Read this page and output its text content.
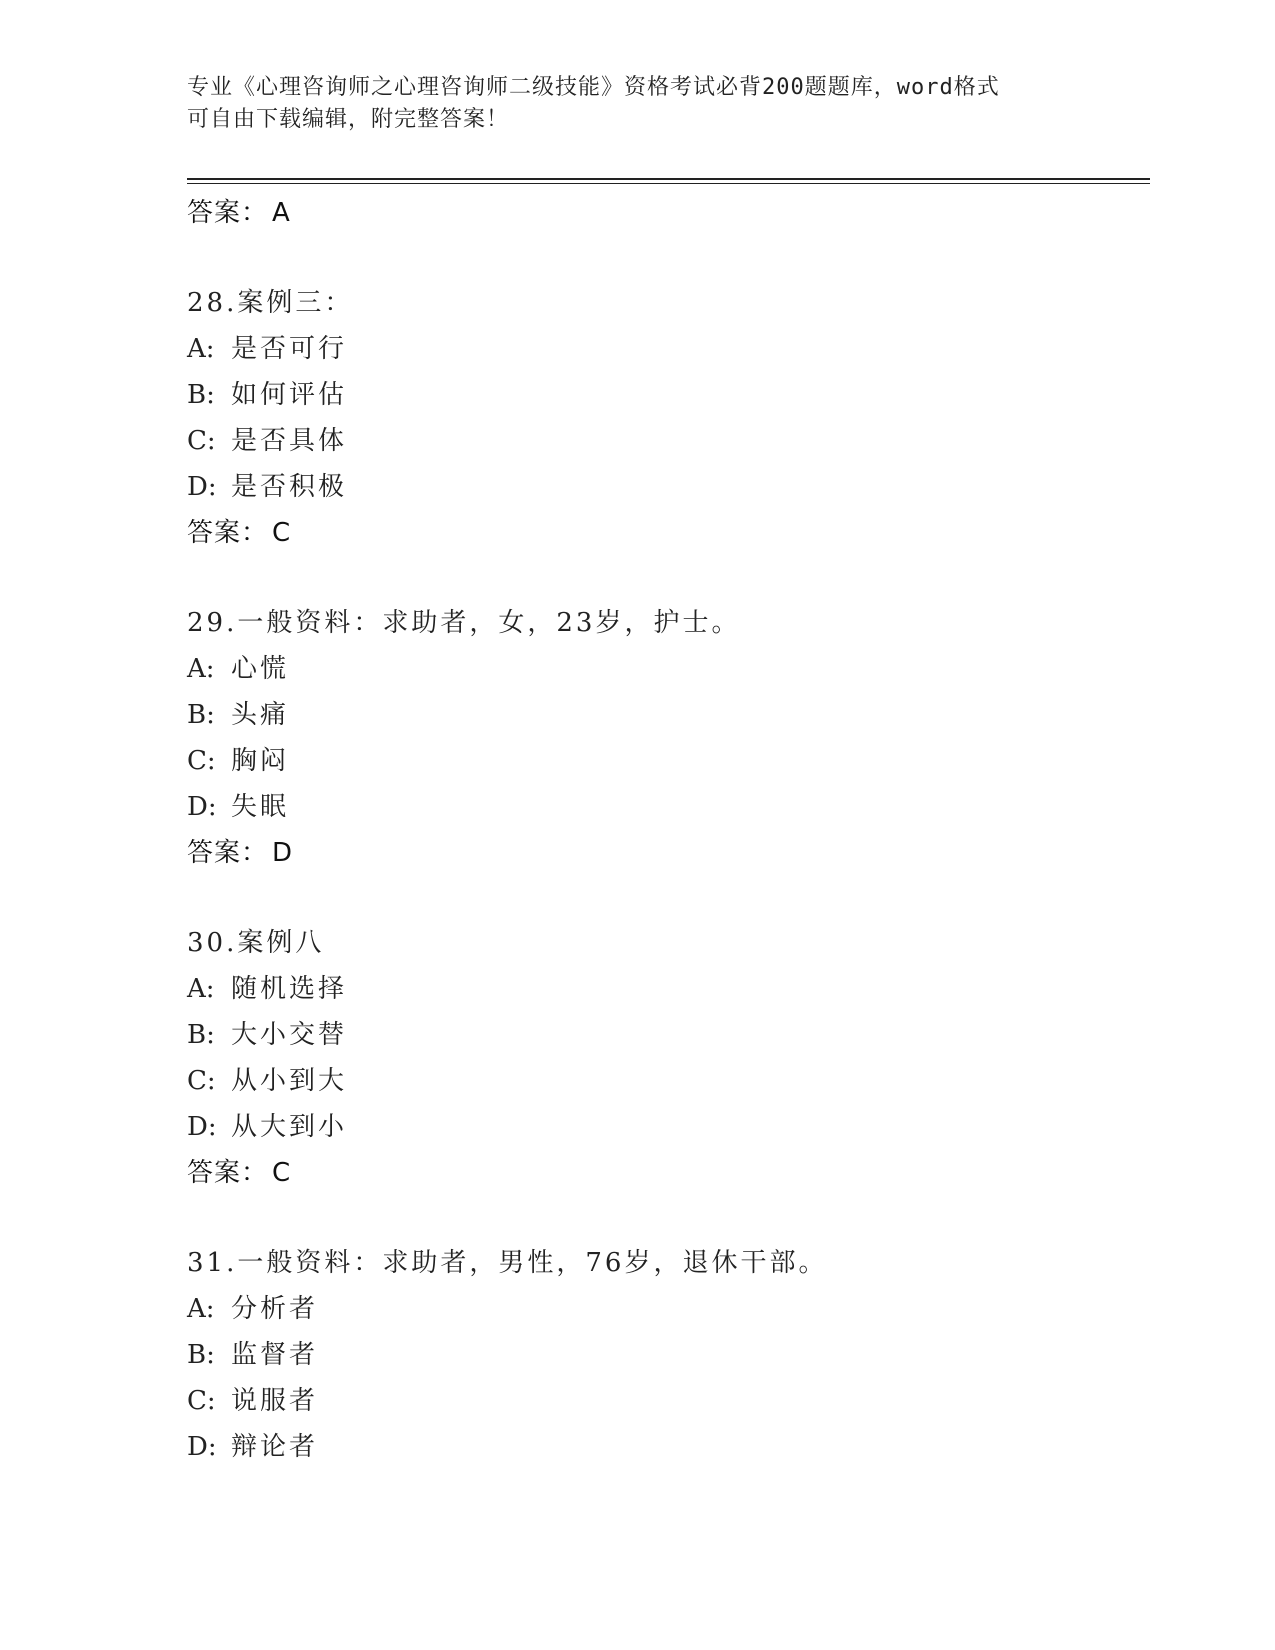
专业《心理咨询师之心理咨询师二级技能》资格考试必背200题题库，word格式
可自由下载编辑，附完整答案！
答案： A
28.案例三：
A: 是否可行
B: 如何评估
C: 是否具体
D: 是否积极
答案： C
29.一般资料：求助者，女，23岁，护士。
A: 心慌
B: 头痛
C: 胸闷
D: 失眠
答案： D
30.案例八
A: 随机选择
B: 大小交替
C: 从小到大
D: 从大到小
答案： C
31.一般资料：求助者，男性，76岁，退休干部。
A: 分析者
B: 监督者
C: 说服者
D: 辩论者
